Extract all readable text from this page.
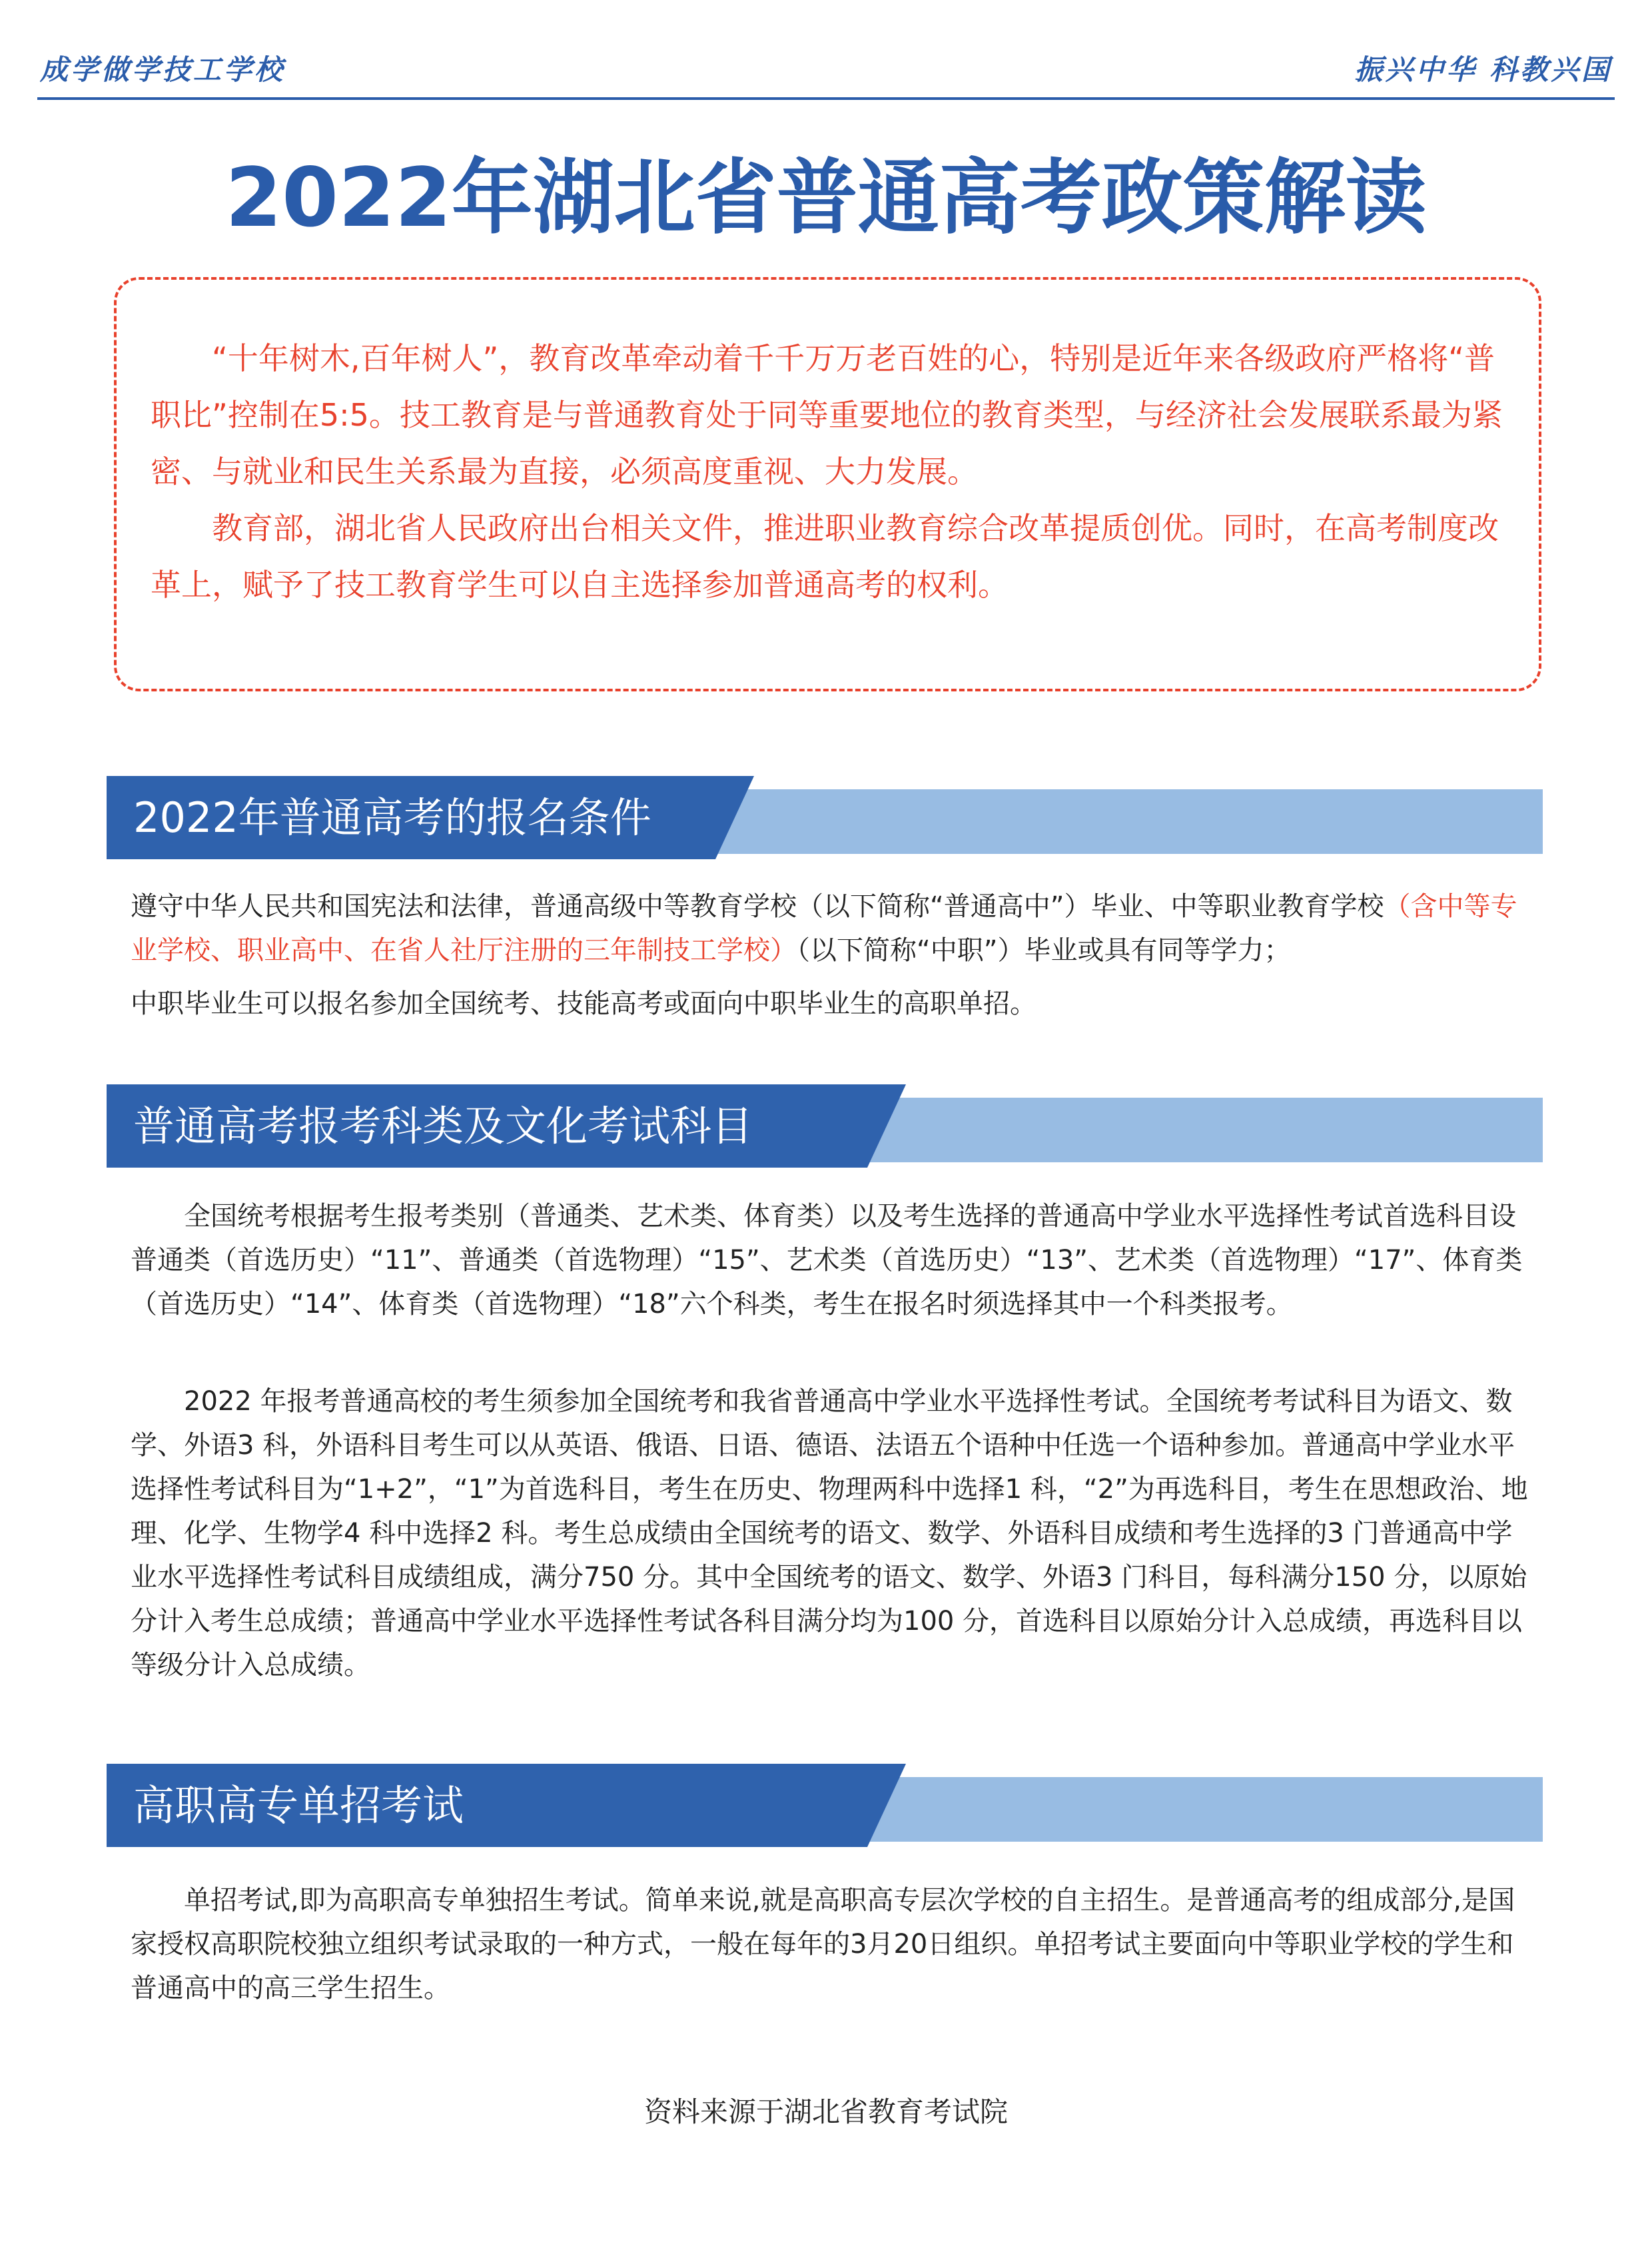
成学做学技工学校	振兴中华 科教兴国
2022年湖北省普通高考政策解读

“十年树木,百年树人”，教育改革牵动着千千万万老百姓的心，特别是近年来各级政府严格将“普职比”控制在5:5。技工教育是与普通教育处于同等重要地位的教育类型，与经济社会发展联系最为紧密、与就业和民生关系最为直接，必须高度重视、大力发展。

教育部，湖北省人民政府出台相关文件，推进职业教育综合改革提质创优。同时，在高考制度改革上，赋予了技工教育学生可以自主选择参加普通高考的权利。

2022年普通高考的报名条件

遵守中华人民共和国宪法和法律，普通高级中等教育学校（以下简称“普通高中”）毕业、中等职业教育学校（含中等专业学校、职业高中、在省人社厅注册的三年制技工学校）（以下简称“中职”）毕业或具有同等学力；

中职毕业生可以报名参加全国统考、技能高考或面向中职毕业生的高职单招。

普通高考报考科类及文化考试科目

全国统考根据考生报考类别（普通类、艺术类、体育类）以及考生选择的普通高中学业水平选择性考试首选科目设普通类（首选历史）“11”、普通类（首选物理）“15”、艺术类（首选历史）“13”、艺术类（首选物理）“17”、体育类（首选历史）“14”、体育类（首选物理）“18”六个科类，考生在报名时须选择其中一个科类报考。

2022 年报考普通高校的考生须参加全国统考和我省普通高中学业水平选择性考试。全国统考考试科目为语文、数学、外语3 科，外语科目考生可以从英语、俄语、日语、德语、法语五个语种中任选一个语种参加。普通高中学业水平选择性考试科目为“1+2”，“1”为首选科目，考生在历史、物理两科中选择1 科，“2”为再选科目，考生在思想政治、地理、化学、生物学4 科中选择2 科。考生总成绩由全国统考的语文、数学、外语科目成绩和考生选择的3 门普通高中学业水平选择性考试科目成绩组成，满分750 分。其中全国统考的语文、数学、外语3 门科目，每科满分150 分，以原始分计入考生总成绩；普通高中学业水平选择性考试各科目满分均为100 分，首选科目以原始分计入总成绩，再选科目以等级分计入总成绩。

高职高专单招考试

单招考试,即为高职高专单独招生考试。简单来说,就是高职高专层次学校的自主招生。是普通高考的组成部分,是国家授权高职院校独立组织考试录取的一种方式，一般在每年的3月20日组织。单招考试主要面向中等职业学校的学生和普通高中的高三学生招生。

资料来源于湖北省教育考试院
